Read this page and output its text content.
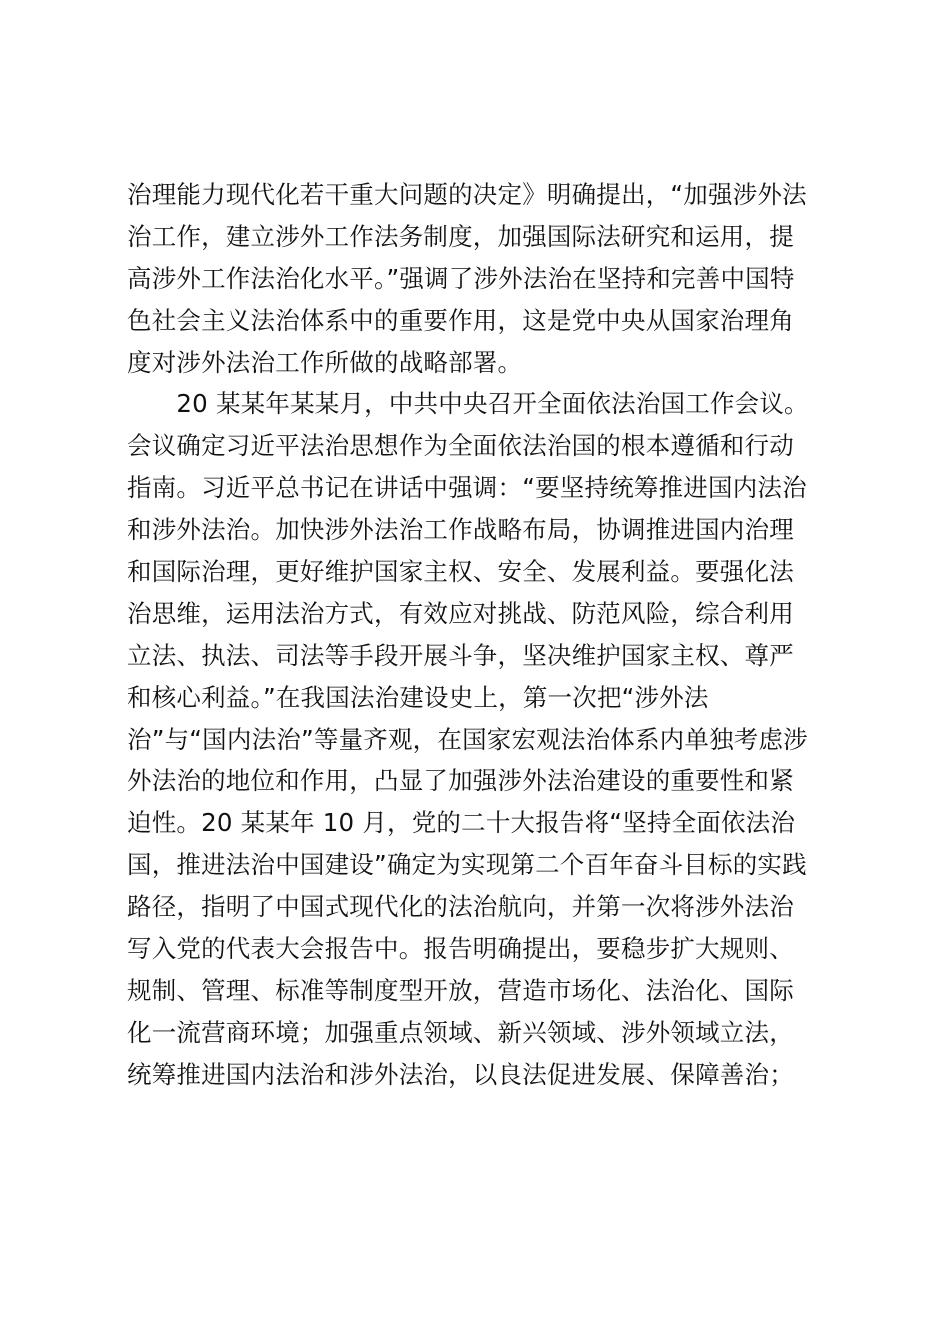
治理能力现代化若干重大问题的决定》明确提出，“加强涉外法
治工作，建立涉外工作法务制度，加强国际法研究和运用，提
高涉外工作法治化水平。”强调了涉外法治在坚持和完善中国特
色社会主义法治体系中的重要作用，这是党中央从国家治理角
度对涉外法治工作所做的战略部署。
　　20 某某年某某月，中共中央召开全面依法治国工作会议。
会议确定习近平法治思想作为全面依法治国的根本遵循和行动
指南。习近平总书记在讲话中强调：“要坚持统筹推进国内法治
和涉外法治。加快涉外法治工作战略布局，协调推进国内治理
和国际治理，更好维护国家主权、安全、发展利益。要强化法
治思维，运用法治方式，有效应对挑战、防范风险，综合利用
立法、执法、司法等手段开展斗争，坚决维护国家主权、尊严
和核心利益。”在我国法治建设史上，第一次把“涉外法
治”与“国内法治”等量齐观，在国家宏观法治体系内单独考虑涉
外法治的地位和作用，凸显了加强涉外法治建设的重要性和紧
迫性。20 某某年 10 月，党的二十大报告将“坚持全面依法治
国，推进法治中国建设”确定为实现第二个百年奋斗目标的实践
路径，指明了中国式现代化的法治航向，并第一次将涉外法治
写入党的代表大会报告中。报告明确提出，要稳步扩大规则、
规制、管理、标准等制度型开放，营造市场化、法治化、国际
化一流营商环境；加强重点领域、新兴领域、涉外领域立法，
统筹推进国内法治和涉外法治，以良法促进发展、保障善治；
